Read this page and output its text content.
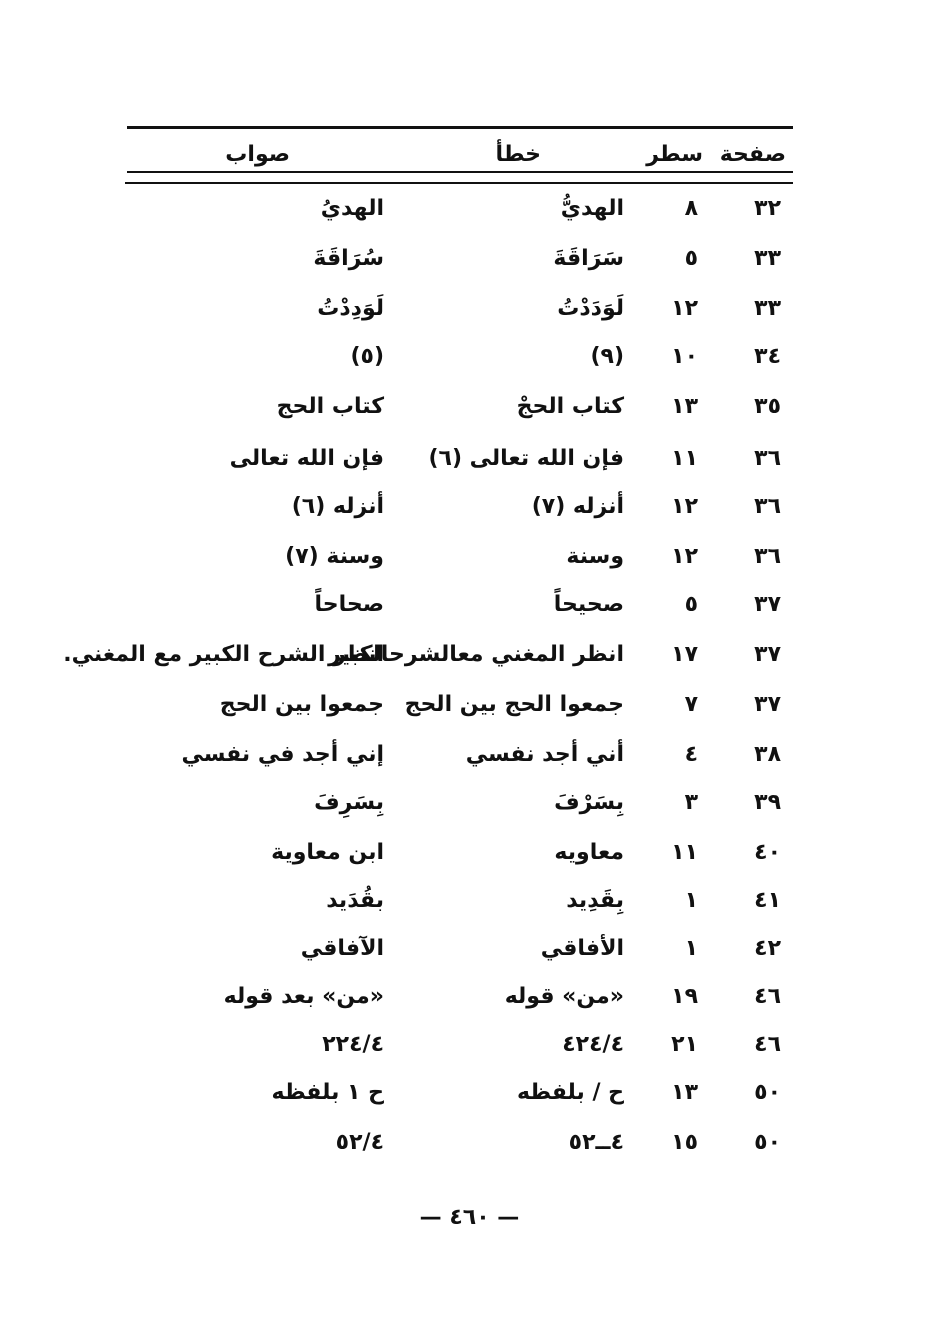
صفحة
سطر
خطأ
صواب
٣٢
٨
الهديُّ
الهديُ
٣٣
٥
سَرَاقَةَ
سُرَاقَةَ
٣٣
١٢
لَوَدَدْتُ
لَوَدِدْتُ
٣٤
١٠
(٩)
(٥)
٣٥
١٣
كتاب الحجْ
كتاب الحج
٣٦
١١
فإن الله تعالى (٦)
فإن الله تعالى
٣٦
١٢
أنزله (٧)
أنزله (٦)
٣٦
١٢
وسنة
وسنة (٧)
٣٧
٥
صحيحاً
صحاحاً
٣٧
١٧
انظر المغني معالشرحالكبير
انظر الشرح الكبير مع المغني.
٣٧
٧
جمعوا الحج بين الحج
جمعوا بين الحج
٣٨
٤
أني أجد نفسي
إني أجد في نفسي
٣٩
٣
بِسَرْفَ
بِسَرِفَ
٤٠
١١
معاويه
ابن معاوية
٤١
١
بِقَدِيد
بقُدَيد
٤٢
١
الأفاقي
الآفاقي
٤٦
١٩
«من» قوله
«من» بعد قوله
٤٦
٢١
٤٢٤/٤
٢٢٤/٤
٥٠
١٣
ح / بلفظه
ح ١ بلفظه
٥٠
١٥
٤ــ٥٢
٥٢/٤
— ٤٦٠ —
